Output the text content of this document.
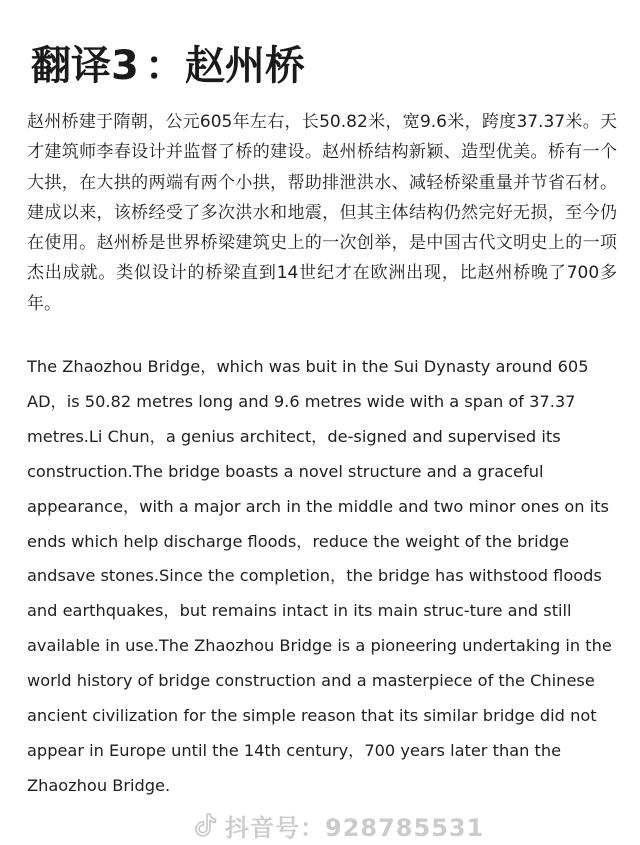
翻译3 ：赵州桥

赵州桥建于隋朝，公元605年左右，长50.82米，宽9.6米，跨度37.37米。天才建筑师李春设计并监督了桥的建设。赵州桥结构新颖、造型优美。桥有一个大拱，在大拱的两端有两个小拱，帮助排泄洪水、减轻桥梁重量并节省石材。建成以来，该桥经受了多次洪水和地震，但其主体结构仍然完好无损，至今仍在使用。赵州桥是世界桥梁建筑史上的一次创举，是中国古代文明史上的一项杰出成就。类似设计的桥梁直到14世纪才在欧洲出现，比赵州桥晚了700多年。

The Zhaozhou Bridge，which was buit in the Sui Dynasty around 605 AD，is 50.82 metres long and 9.6 metres wide with a span of 37.37 metres.Li Chun，a genius architect，de-signed and supervised its construction.The bridge boasts a novel structure and a graceful appearance，with a major arch in the middle and two minor ones on its ends which help discharge floods，reduce the weight of the bridge andsave stones.Since the completion，the bridge has withstood floods and earthquakes，but remains intact in its main struc-ture and still available in use.The Zhaozhou Bridge is a pioneering undertaking in the world history of bridge construction and a masterpiece of the Chinese ancient civilization for the simple reason that its similar bridge did not appear in Europe until the 14th century，700 years later than the Zhaozhou Bridge.

抖音号：928785531
